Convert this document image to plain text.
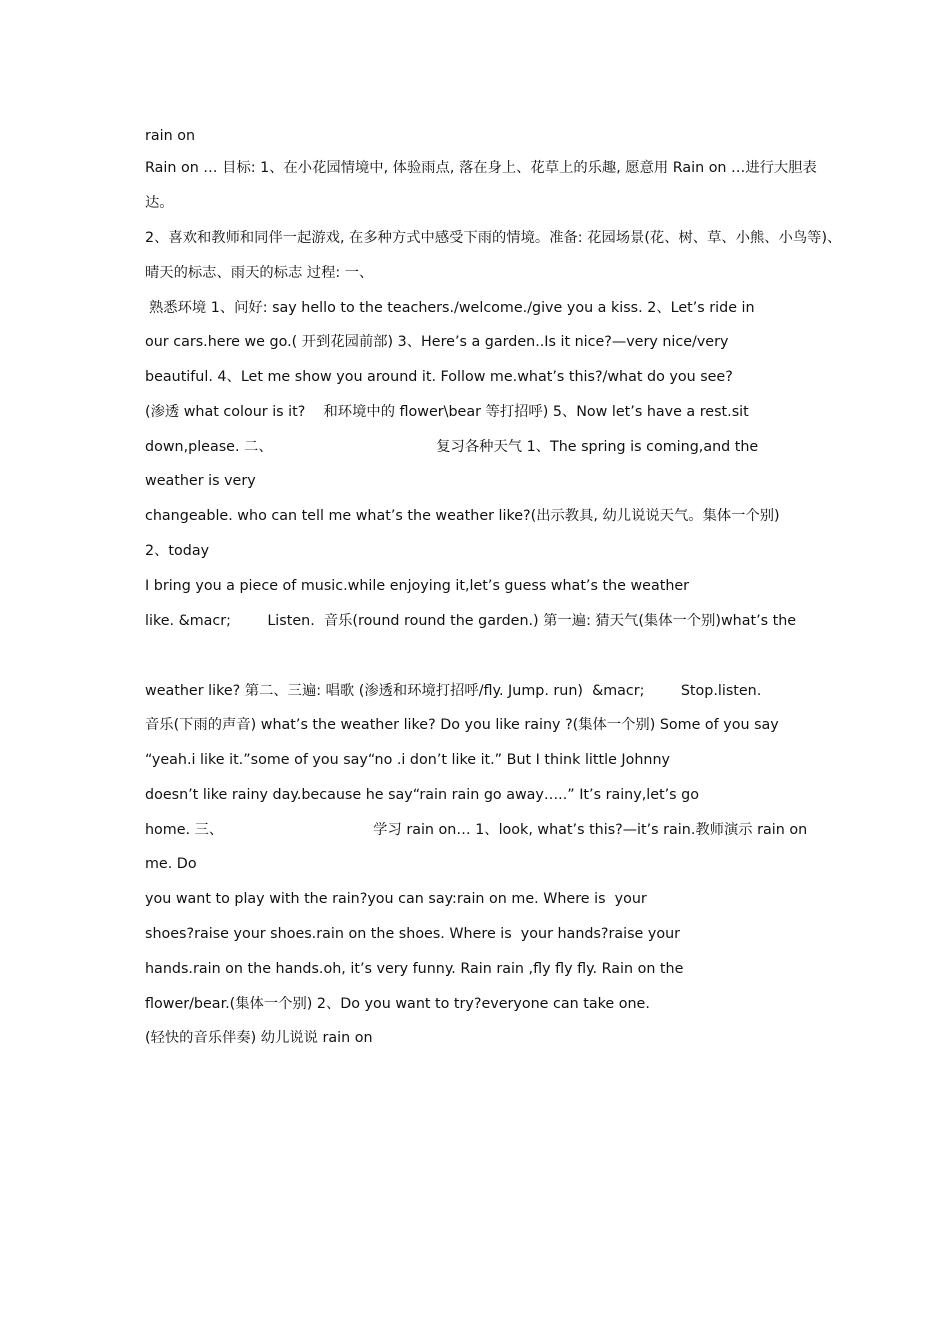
rain on
Rain on … 目标: 1、在小花园情境中, 体验雨点, 落在身上、花草上的乐趣, 愿意用 Rain on …进行大胆表
达。
2、喜欢和教师和同伴一起游戏, 在多种方式中感受下雨的情境。准备: 花园场景(花、树、草、小熊、小鸟等)、
晴天的标志、雨天的标志 过程: 一、
熟悉环境 1、问好: say hello to the teachers./welcome./give you a kiss. 2、Let’s ride in
our cars.here we go.( 开到花园前部) 3、Here’s a garden..Is it nice?—very nice/very
beautiful. 4、Let me show you around it. Follow me.what’s this?/what do you see?
(渗透 what colour is it?    和环境中的 flower\bear 等打招呼) 5、Now let’s have a rest.sit
down,please. 二、                                    复习各种天气 1、The spring is coming,and the
weather is very
changeable. who can tell me what’s the weather like?(出示教具, 幼儿说说天气。集体一个别)
2、today
I bring you a piece of music.while enjoying it,let’s guess what’s the weather
like. &macr;        Listen.  音乐(round round the garden.) 第一遍: 猜天气(集体一个别)what’s the
weather like? 第二、三遍: 唱歌 (渗透和环境打招呼/fly. Jump. run)  &macr;        Stop.listen.
音乐(下雨的声音) what’s the weather like? Do you like rainy ?(集体一个别) Some of you say
“yeah.i like it.”some of you say“no .i don’t like it.” But I think little Johnny
doesn’t like rainy day.because he say“rain rain go away…..” It’s rainy,let’s go
home. 三、                                 学习 rain on… 1、look, what’s this?—it’s rain.教师演示 rain on
me. Do
you want to play with the rain?you can say:rain on me. Where is  your
shoes?raise your shoes.rain on the shoes. Where is  your hands?raise your
hands.rain on the hands.oh, it’s very funny. Rain rain ,fly fly fly. Rain on the
flower/bear.(集体一个别) 2、Do you want to try?everyone can take one.
(轻快的音乐伴奏) 幼儿说说 rain on
